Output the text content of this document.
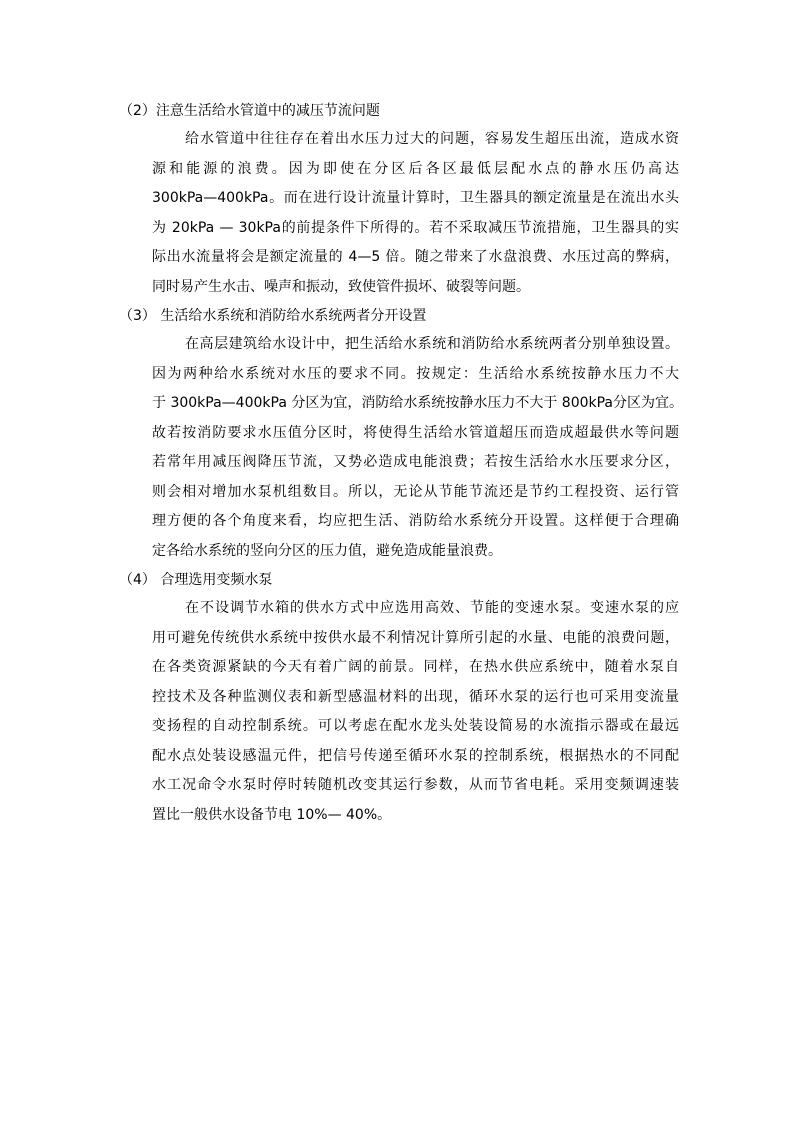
（2）注意生活给水管道中的减压节流问题
给水管道中往往存在着出水压力过大的问题，容易发生超压出流，造成水资
源和能源的浪费。因为即使在分区后各区最低层配水点的静水压仍高达
300kPa—400kPa。而在进行设计流量计算时，卫生器具的额定流量是在流出水头
为 20kPa — 30kPa的前提条件下所得的。若不采取减压节流措施，卫生器具的实
际出水流量将会是额定流量的 4—5 倍。随之带来了水盘浪费、水压过高的弊病，
同时易产生水击、噪声和振动，致使管件损坏、破裂等问题。
（3） 生活给水系统和消防给水系统两者分开设置
在高层建筑给水设计中，把生活给水系统和消防给水系统两者分别单独设置。
因为两种给水系统对水压的要求不同。按规定：生活给水系统按静水压力不大
于 300kPa—400kPa 分区为宜，消防给水系统按静水压力不大于 800kPa分区为宜。
故若按消防要求水压值分区时，将使得生活给水管道超压而造成超最供水等问题
若常年用减压阀降压节流，又势必造成电能浪费；若按生活给水水压要求分区，
则会相对增加水泵机组数目。所以，无论从节能节流还是节约工程投资、运行管
理方便的各个角度来看，均应把生活、消防给水系统分开设置。这样便于合理确
定各给水系统的竖向分区的压力值，避免造成能量浪费。
（4） 合理选用变频水泵
在不设调节水箱的供水方式中应选用高效、节能的变速水泵。变速水泵的应
用可避免传统供水系统中按供水最不利情况计算所引起的水量、电能的浪费问题，
在各类资源紧缺的今天有着广阔的前景。同样，在热水供应系统中，随着水泵自
控技术及各种监测仪表和新型感温材料的出现，循环水泵的运行也可采用变流量
变扬程的自动控制系统。可以考虑在配水龙头处装设简易的水流指示器或在最远
配水点处装设感温元件，把信号传递至循环水泵的控制系统，根据热水的不同配
水工况命令水泵时停时转随机改变其运行参数，从而节省电耗。采用变频调速装
置比一般供水设备节电 10%— 40%。
